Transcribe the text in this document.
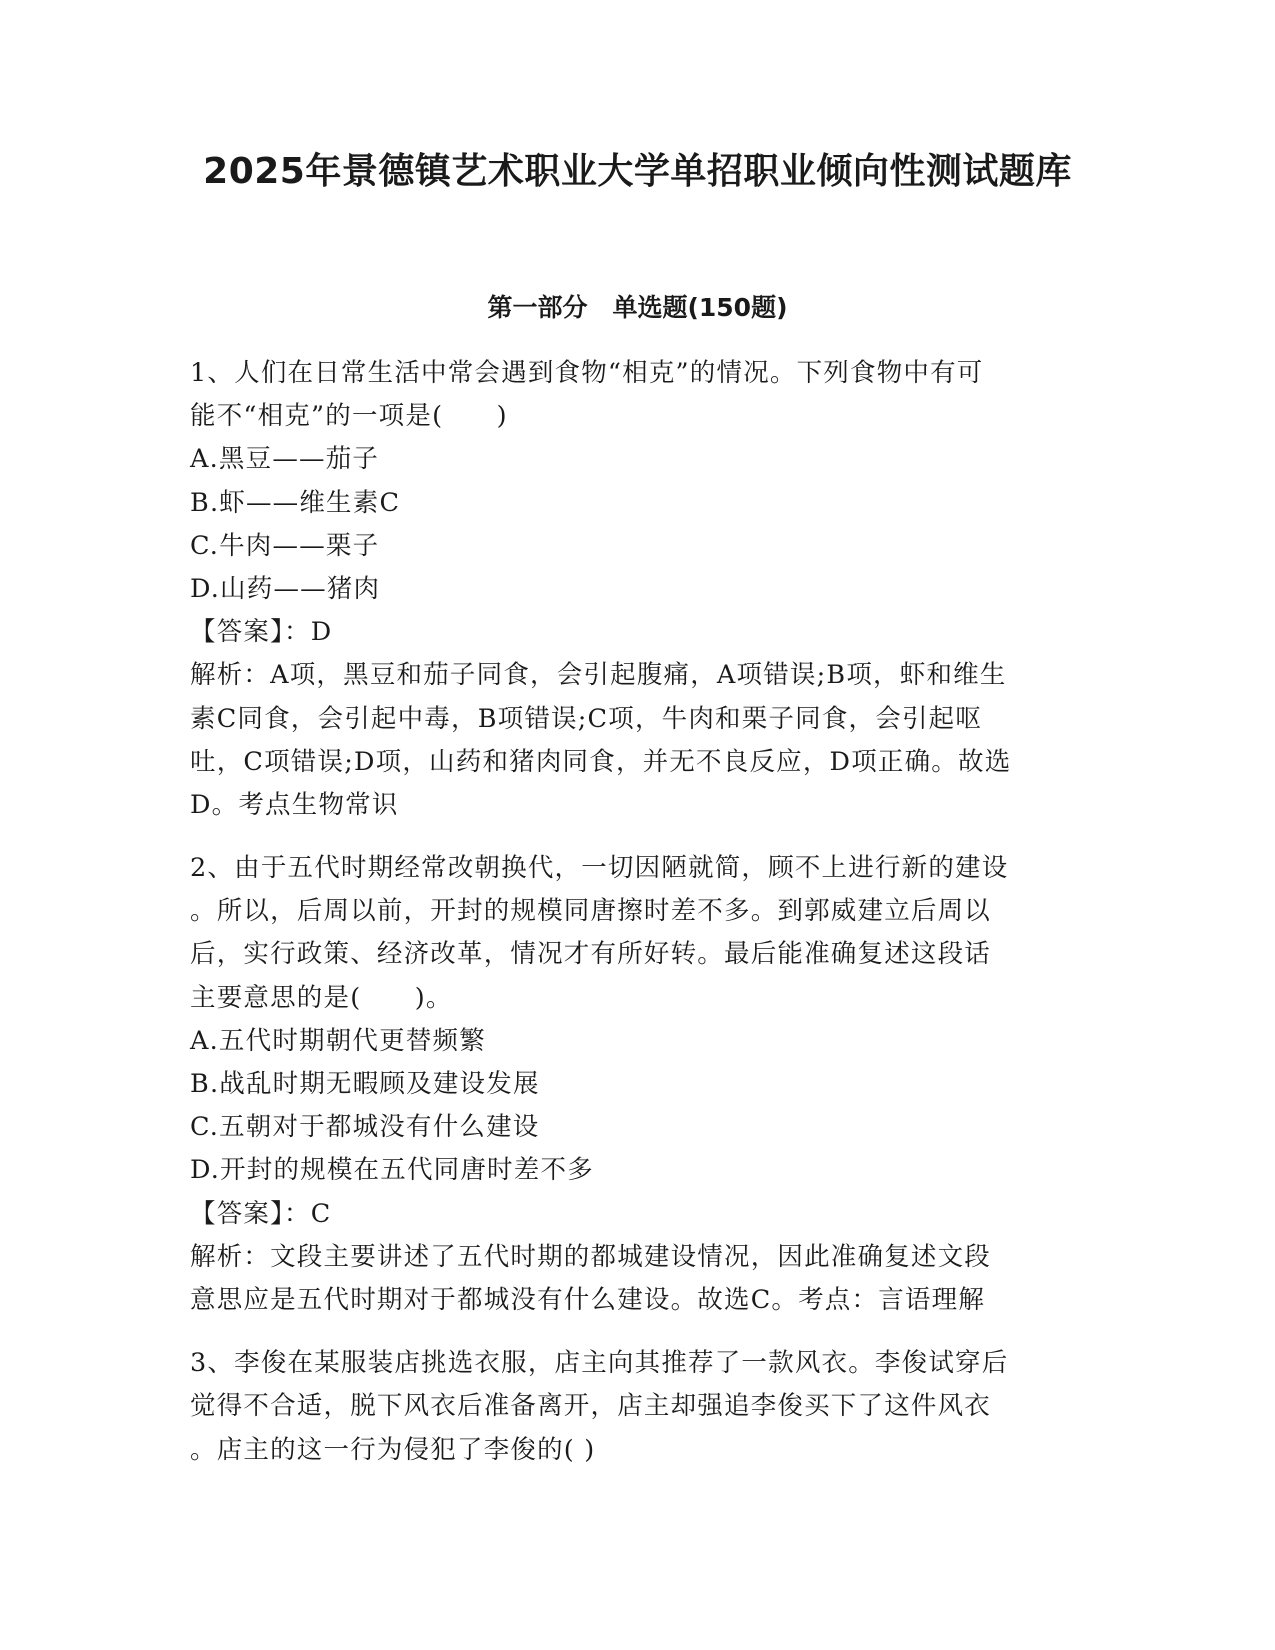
2025年景德镇艺术职业大学单招职业倾向性测试题库
第一部分　单选题(150题)
1、人们在日常生活中常会遇到食物“相克”的情况。下列食物中有可
能不“相克”的一项是(　　)
A.黑豆——茄子
B.虾——维生素C
C.牛肉——栗子
D.山药——猪肉
【答案】：D
解析：A项，黑豆和茄子同食，会引起腹痛，A项错误;B项，虾和维生
素C同食，会引起中毒，B项错误;C项，牛肉和栗子同食，会引起呕
吐，C项错误;D项，山药和猪肉同食，并无不良反应，D项正确。故选
D。考点生物常识
2、由于五代时期经常改朝换代，一切因陋就简，顾不上进行新的建设
。所以，后周以前，开封的规模同唐擦时差不多。到郭威建立后周以
后，实行政策、经济改革，情况才有所好转。最后能准确复述这段话
主要意思的是(　　)。
A.五代时期朝代更替频繁
B.战乱时期无暇顾及建设发展
C.五朝对于都城没有什么建设
D.开封的规模在五代同唐时差不多
【答案】：C
解析：文段主要讲述了五代时期的都城建设情况，因此准确复述文段
意思应是五代时期对于都城没有什么建设。故选C。考点：言语理解
3、李俊在某服装店挑选衣服，店主向其推荐了一款风衣。李俊试穿后
觉得不合适，脱下风衣后准备离开，店主却强追李俊买下了这件风衣
。店主的这一行为侵犯了李俊的( )
